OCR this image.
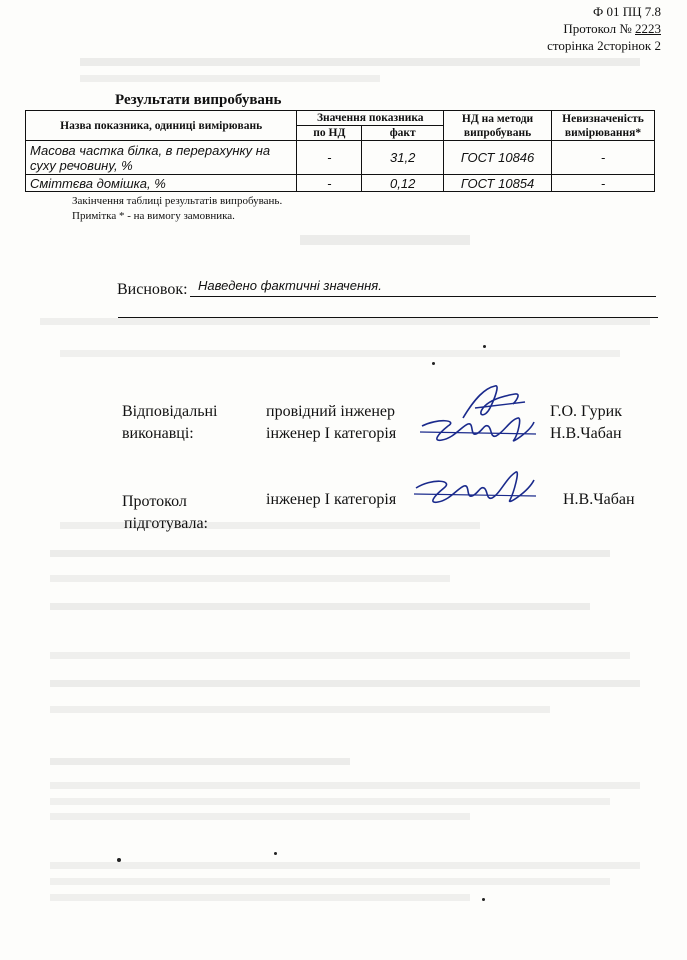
Ф 01 ПЦ 7.8
Протокол № 2223
сторінка 2сторінок 2
Результати випробувань
Назва показника, одиниці вимірювань	Значення показника		НД на методи випробувань	Невизначеність вимірювання*
	по НД	факт		
Масова частка білка, в перерахунку на суху речовину, %	-	31,2	ГОСТ 10846	-
Сміттєва домішка, %	-	0,12	ГОСТ 10854	-
Закінчення таблиці результатів випробувань.
Примітка * - на вимогу замовника.
Висновок: Наведено фактичні значення.
Відповідальні
виконавці:
провідний інженер
інженер І категорія
Г.О. Гурик
Н.В.Чабан
Протокол
підготувала:
інженер І категорія	Н.В.Чабан
